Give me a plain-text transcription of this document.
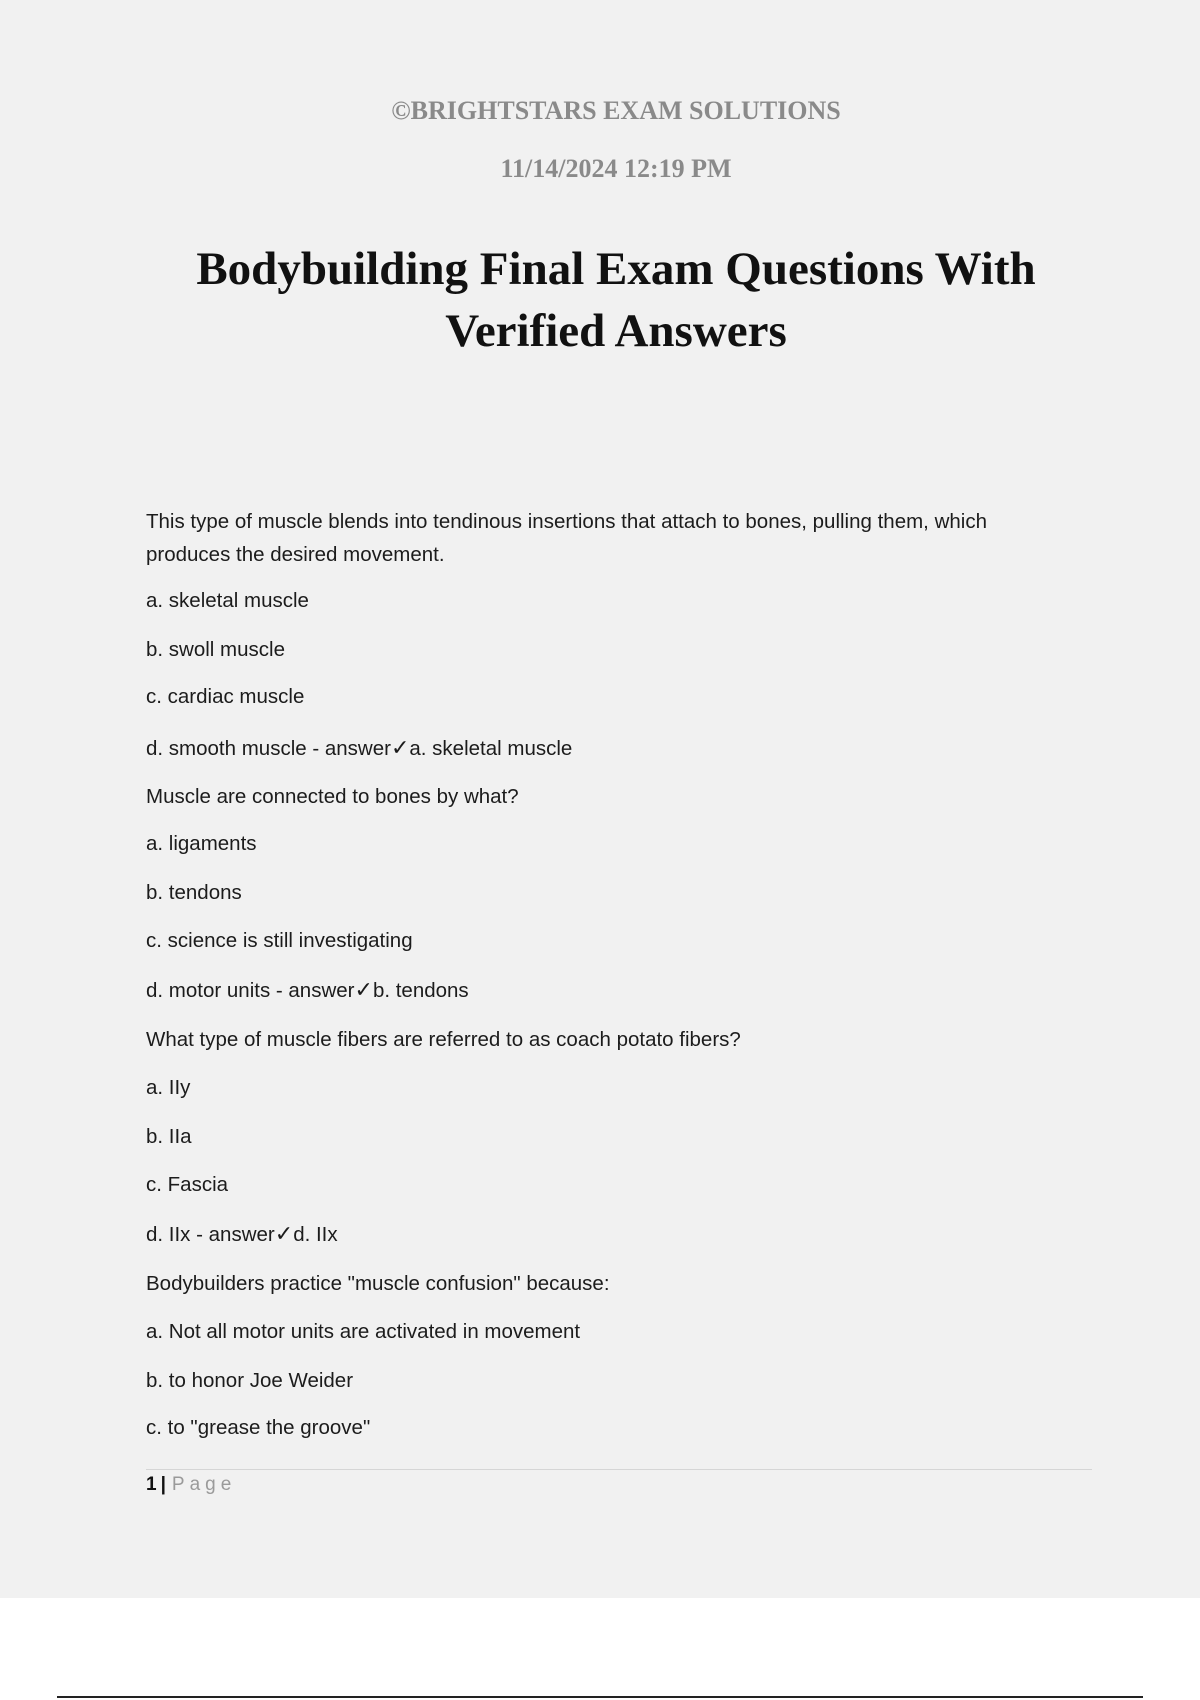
©BRIGHTSTARS EXAM SOLUTIONS
11/14/2024 12:19 PM
Bodybuilding Final Exam Questions With
Verified Answers
This type of muscle blends into tendinous insertions that attach to bones, pulling them, which produces the desired movement.
a. skeletal muscle
b. swoll muscle
c. cardiac muscle
d. smooth muscle - answer✓a. skeletal muscle
Muscle are connected to bones by what?
a. ligaments
b. tendons
c. science is still investigating
d. motor units - answer✓b. tendons
What type of muscle fibers are referred to as coach potato fibers?
a. IIy
b. IIa
c. Fascia
d. IIx - answer✓d. IIx
Bodybuilders practice "muscle confusion" because:
a. Not all motor units are activated in movement
b. to honor Joe Weider
c. to "grease the groove"
1 | Page
